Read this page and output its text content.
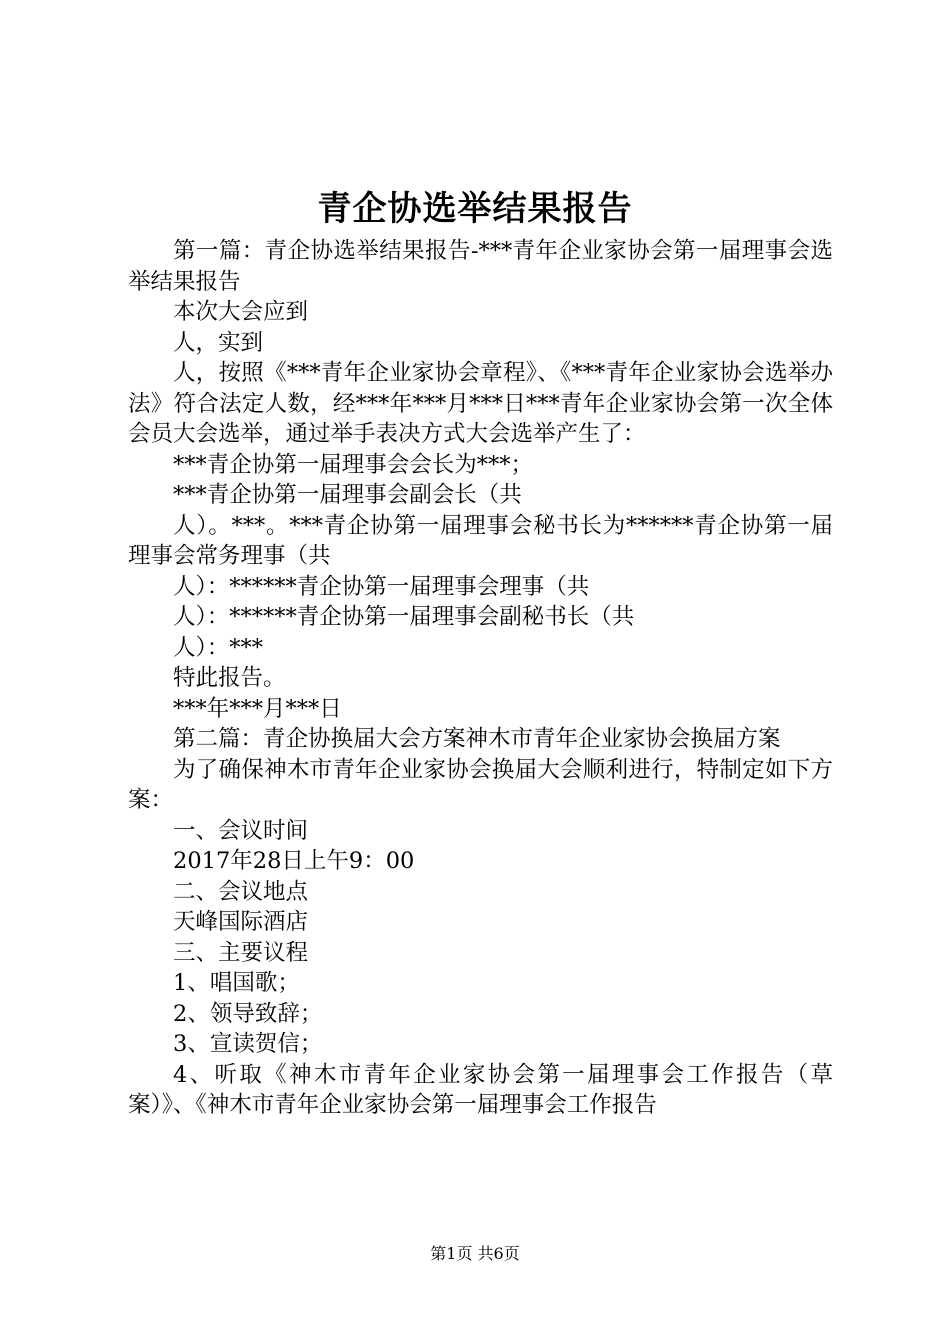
青企协选举结果报告

第一篇：青企协选举结果报告-***青年企业家协会第一届理事会选举结果报告

本次大会应到

人，实到

人，按照《***青年企业家协会章程》、《***青年企业家协会选举办法》符合法定人数，经***年***月***日***青年企业家协会第一次全体会员大会选举，通过举手表决方式大会选举产生了：

***青企协第一届理事会会长为***；

***青企协第一届理事会副会长（共

人）。***。***青企协第一届理事会秘书长为******青企协第一届理事会常务理事（共

人）：******青企协第一届理事会理事（共

人）：******青企协第一届理事会副秘书长（共

人）：***

特此报告。

***年***月***日

第二篇：青企协换届大会方案神木市青年企业家协会换届方案

为了确保神木市青年企业家协会换届大会顺利进行，特制定如下方案：

一、会议时间

2017年28日上午9：00

二、会议地点

天峰国际酒店

三、主要议程

1、唱国歌；

2、领导致辞；

3、宣读贺信；

4、听取《神木市青年企业家协会第一届理事会工作报告（草案）》、《神木市青年企业家协会第一届理事会工作报告

第1页 共6页
